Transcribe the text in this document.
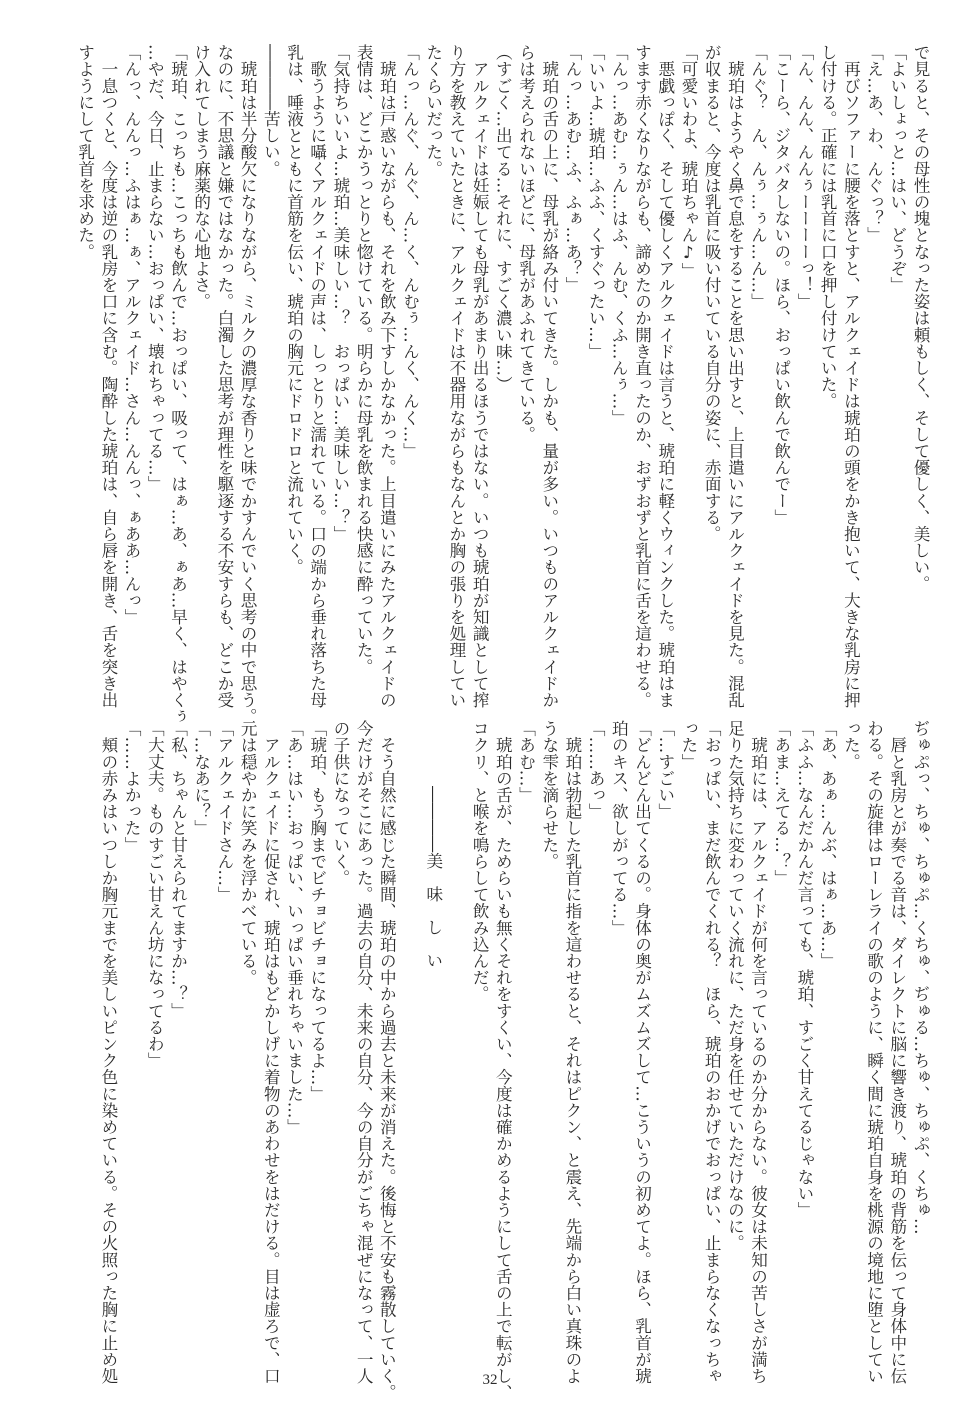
で見ると、その母性の塊となった姿は頼もしく、そして優しく、美しい。

「よいしょっと…はい、どうぞ」

「え…あ、わ、んぐっ？」

　再びソファーに腰を落とすと、アルクェイドは琥珀の頭をかき抱いて、大きな乳房に押

し付ける。正確には乳首に口を押し付けていた。

「ん、んん、んんぅーーーーっ！」

「こーら、ジタバタしないの。ほら、おっぱい飲んで飲んでー」

「んぐ？　ん、んぅ…ぅん…ん…」

　琥珀はようやく鼻で息をすることを思い出すと、上目遣いにアルクェイドを見た。混乱

が収まると、今度は乳首に吸い付いている自分の姿に、赤面する。

「可愛いわよ、琥珀ちゃん♪」

　悪戯っぽく、そして優しくアルクェイドは言うと、琥珀に軽くウィンクした。琥珀はま

すます赤くなりながらも、諦めたのか開き直ったのか、おずおずと乳首に舌を這わせる。

「んっ…あむ…ぅん…はふ、んむ、くふ…んぅ…」

「いいよ…琥珀…ふふ、くすぐったい…」

「んっ…あむ…ふ、ふぁ…あ？」

　琥珀の舌の上に、母乳が絡み付いてきた。しかも、量が多い。いつものアルクェイドか

らは考えられないほどに、母乳があふれてきている。

（すごく…出てる…それに、すごく濃い味…）

　アルクェイドは妊娠しても母乳があまり出るほうではない。いつも琥珀が知識として搾

り方を教えていたときに、アルクェイドは不器用ながらもなんとか胸の張りを処理してい

たくらいだった。

「んっ…んぐ、んぐ、ん…く、んむぅ…んく、んく…」

　琥珀は戸惑いながらも、それを飲み下すしかなかった。上目遣いにみたアルクェイドの

表情は、どこかうっとりと惚けている。明らかに母乳を飲まれる快感に酔っていた。

「気持ちいいよ…琥珀…美味しい…？　おっぱい…美味しい…？」

　歌うように囁くアルクェイドの声は、しっとりと濡れている。口の端から垂れ落ちた母

乳は、唾液とともに首筋を伝い、琥珀の胸元にドロドロと流れていく。

――――苦しい。

　琥珀は半分酸欠になりながら、ミルクの濃厚な香りと味でかすんでいく思考の中で思う。

なのに、不思議と嫌ではなかった。白濁した思考が理性を駆逐する不安すらも、どこか受

け入れてしまう麻薬的な心地よさ。

「琥珀、こっちも…こっちも飲んで…おっぱい、吸って、はぁ…あ、ぁあ…早く、はやくぅ

…やだ、今日、止まらない…おっぱい、壊れちゃってる…」

「んっ、んんっ…ふはぁ…ぁ、アルクェイド…さん…んんっ、ぁああ…んっ」

　一息つくと、今度は逆の乳房を口に含む。陶酔した琥珀は、自ら唇を開き、舌を突き出

すようにして乳首を求めた。

ぢゅぷっ、ちゅ、ちゅぷ…くちゅ、ぢゅる…ちゅ、ちゅぷ、くちゅ…

　唇と乳房とが奏でる音は、ダイレクトに脳に響き渡り、琥珀の背筋を伝って身体中に伝

わる。その旋律はローレライの歌のように、瞬く間に琥珀自身を桃源の境地に堕としてい

った。

「あ、あぁ…んぶ、はぁ…あ…」

「ふふ…なんだかんだ言っても、琥珀、すごく甘えてるじゃない」

「あま…えてる…？」

　琥珀には、アルクェイドが何を言っているのか分からない。彼女は未知の苦しさが満ち

足りた気持ちに変わっていく流れに、ただ身を任せていただけなのに。

「おっぱい、まだ飲んでくれる？　ほら、琥珀のおかげでおっぱい、止まらなくなっちゃ

った」

「…すごい」

「どんどん出てくるの。身体の奥がムズムズして…こういうの初めてよ。ほら、乳首が琥

珀のキス、欲しがってる…」

「……あっ」

　琥珀は勃起した乳首に指を這わせると、それはピクン、と震え、先端から白い真珠のよ

うな雫を滴らせた。

「あむ…」

　琥珀の舌が、ためらいも無くそれをすくい、今度は確かめるようにして舌の上で転がし、

コクリ、と喉を鳴らして飲み込んだ。

――――美　味　し　い

　そう自然に感じた瞬間、琥珀の中から過去と未来が消えた。後悔と不安も霧散していく。

今だけがそこにあった。過去の自分、未来の自分、今の自分がごちゃ混ぜになって、一人

の子供になっていく。

「琥珀、もう胸までビチョビチョになってるよ…」

「あ…はい…おっぱい、いっぱい垂れちゃいました…」

　アルクェイドに促され、琥珀はもどかしげに着物のあわせをはだける。目は虚ろで、口

元は穏やかに笑みを浮かべている。

「アルクェイドさん…」

「…なあに？」

「私、ちゃんと甘えられてますか…？」

「大丈夫。ものすごい甘えん坊になってるわ」

「……よかった」

　頬の赤みはいつしか胸元までを美しいピンク色に染めている。その火照った胸に止め処	32
